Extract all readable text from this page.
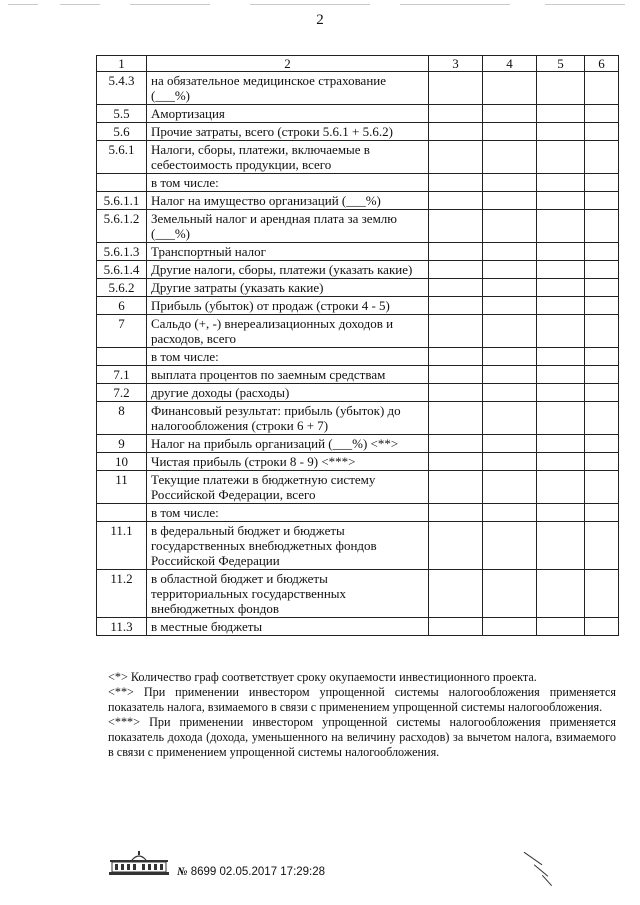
2
1	2	3	4	5	6
5.4.3	на обязательное медицинское страхование (___%)				
5.5	Амортизация				
5.6	Прочие затраты, всего (строки 5.6.1 + 5.6.2)				
5.6.1	Налоги, сборы, платежи, включаемые в себестоимость продукции, всего				
	в том числе:				
5.6.1.1	Налог на имущество организаций (___%)				
5.6.1.2	Земельный налог и арендная плата за землю (___%)				
5.6.1.3	Транспортный налог				
5.6.1.4	Другие налоги, сборы, платежи (указать какие)				
5.6.2	Другие затраты (указать какие)				
6	Прибыль (убыток) от продаж (строки 4 - 5)				
7	Сальдо (+, -) внереализационных доходов и расходов, всего				
	в том числе:				
7.1	выплата процентов по заемным средствам				
7.2	другие доходы (расходы)				
8	Финансовый результат: прибыль (убыток) до налогообложения (строки 6 + 7)				
9	Налог на прибыль организаций (___%) <**>				
10	Чистая прибыль (строки 8 - 9) <***>				
11	Текущие платежи в бюджетную систему Российской Федерации, всего				
	в том числе:				
11.1	в федеральный бюджет и бюджеты государственных внебюджетных фондов Российской Федерации				
11.2	в областной бюджет и бюджеты территориальных государственных внебюджетных фондов				
11.3	в местные бюджеты				

<*> Количество граф соответствует сроку окупаемости инвестиционного проекта.

<**> При применении инвестором упрощенной системы налогообложения применяется показатель налога, взимаемого в связи с применением упрощенной системы налогообложения.

<***> При применении инвестором упрощенной системы налогообложения применяется показатель дохода (дохода, уменьшенного на величину расходов) за вычетом налога, взимаемого в связи с применением упрощенной системы налогообложения.

№ 8699 02.05.2017 17:29:28
